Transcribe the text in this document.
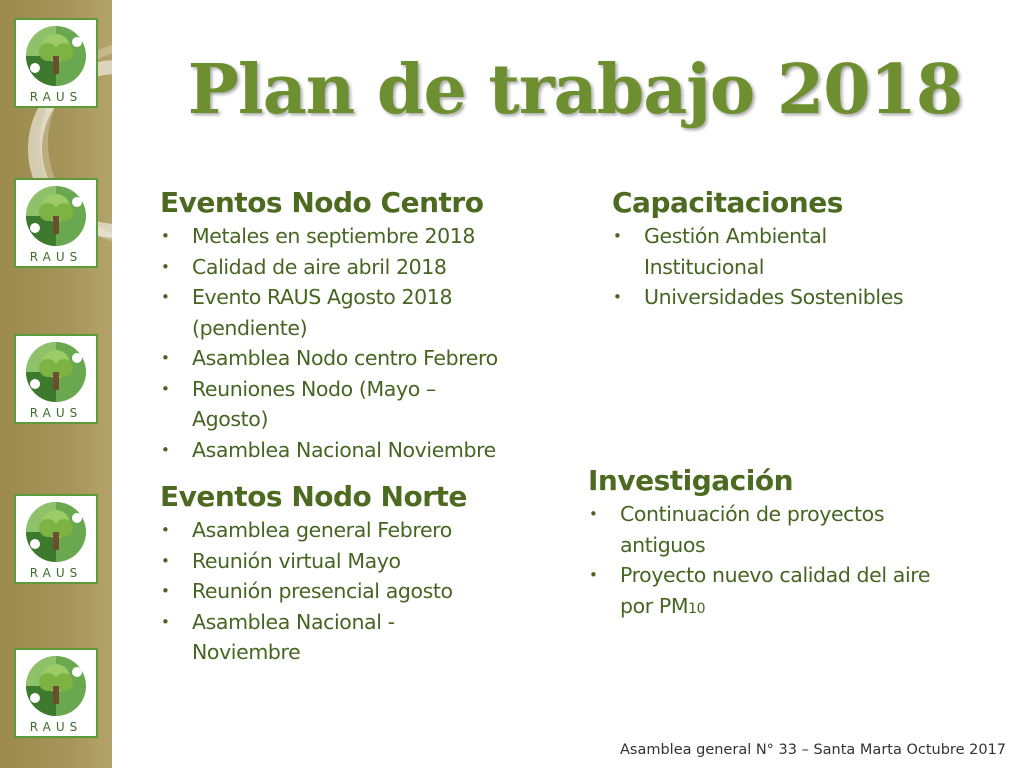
RAUS
RAUS
RAUS
RAUS
RAUS
Plan de trabajo 2018
Eventos Nodo Centro
• Metales en septiembre 2018
• Calidad de aire abril 2018
• Evento RAUS Agosto 2018
(pendiente)
• Asamblea Nodo centro Febrero
• Reuniones Nodo (Mayo –
Agosto)
• Asamblea Nacional Noviembre
Eventos Nodo Norte
• Asamblea general Febrero
• Reunión virtual Mayo
• Reunión presencial agosto
• Asamblea Nacional -
Noviembre
Capacitaciones
• Gestión Ambiental
Institucional
• Universidades Sostenibles
Investigación
• Continuación de proyectos
antiguos
• Proyecto nuevo calidad del aire
por PM10
Asamblea general N° 33 – Santa Marta Octubre 2017
